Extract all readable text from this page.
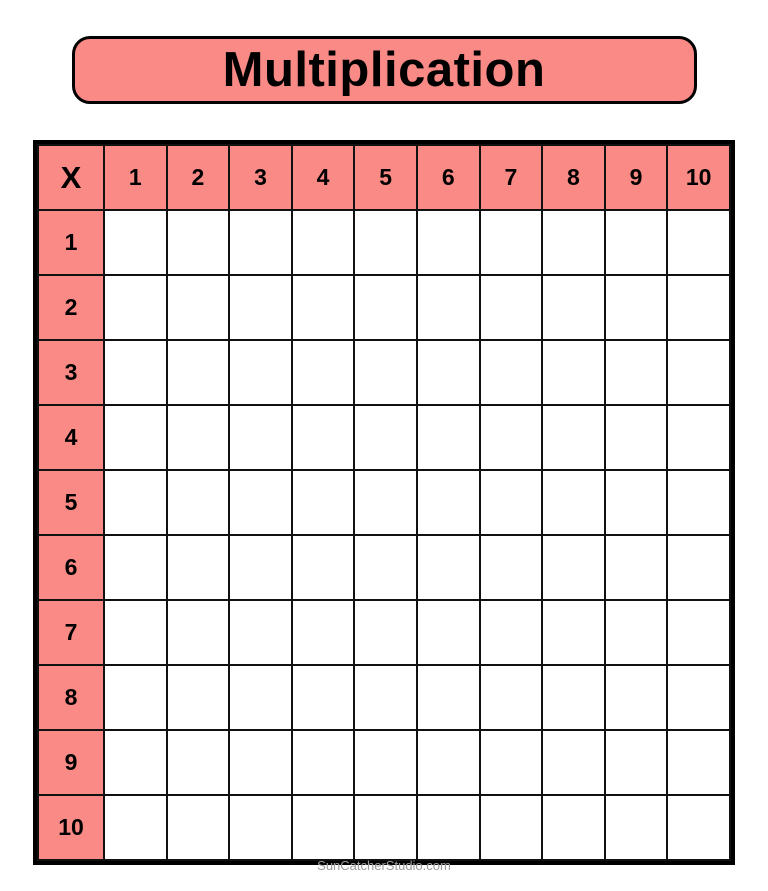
Multiplication
X	1	2	3	4	5	6	7	8	9	10
1										
2										
3										
4										
5										
6										
7										
8										
9										
10										
SunCatcherStudio.com
